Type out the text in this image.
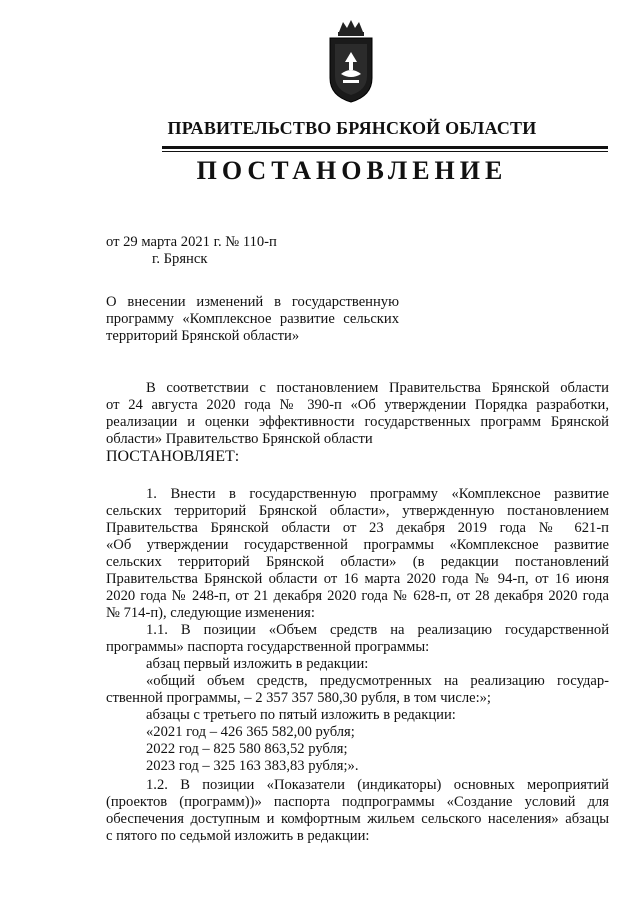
ПРАВИТЕЛЬСТВО БРЯНСКОЙ ОБЛАСТИ
ПОСТАНОВЛЕНИЕ
от 29 марта 2021 г. № 110-п
г. Брянск
О внесении изменений в государственную
программу «Комплексное развитие сельских
территорий Брянской области»
В соответствии с постановлением Правительства Брянской области
от 24 августа 2020 года № 390-п «Об утверждении Порядка разработки,
реализации и оценки эффективности государственных программ Брянской
области» Правительство Брянской области
ПОСТАНОВЛЯЕТ:
1. Внести в государственную программу «Комплексное развитие
сельских территорий Брянской области», утвержденную постановлением
Правительства Брянской области от 23 декабря 2019 года № 621-п
«Об утверждении государственной программы «Комплексное развитие
сельских территорий Брянской области» (в редакции постановлений
Правительства Брянской области от 16 марта 2020 года № 94-п, от 16 июня
2020 года № 248-п, от 21 декабря 2020 года № 628-п, от 28 декабря 2020 года
№ 714-п), следующие изменения:
1.1. В позиции «Объем средств на реализацию государственной
программы» паспорта государственной программы:
абзац первый изложить в редакции:
«общий объем средств, предусмотренных на реализацию государ-
ственной программы, – 2 357 357 580,30 рубля, в том числе:»;
абзацы с третьего по пятый изложить в редакции:
«2021 год – 426 365 582,00 рубля;
2022 год – 825 580 863,52 рубля;
2023 год – 325 163 383,83 рубля;».
1.2. В позиции «Показатели (индикаторы) основных мероприятий
(проектов (программ))» паспорта подпрограммы «Создание условий для
обеспечения доступным и комфортным жильем сельского населения» абзацы
с пятого по седьмой изложить в редакции:
